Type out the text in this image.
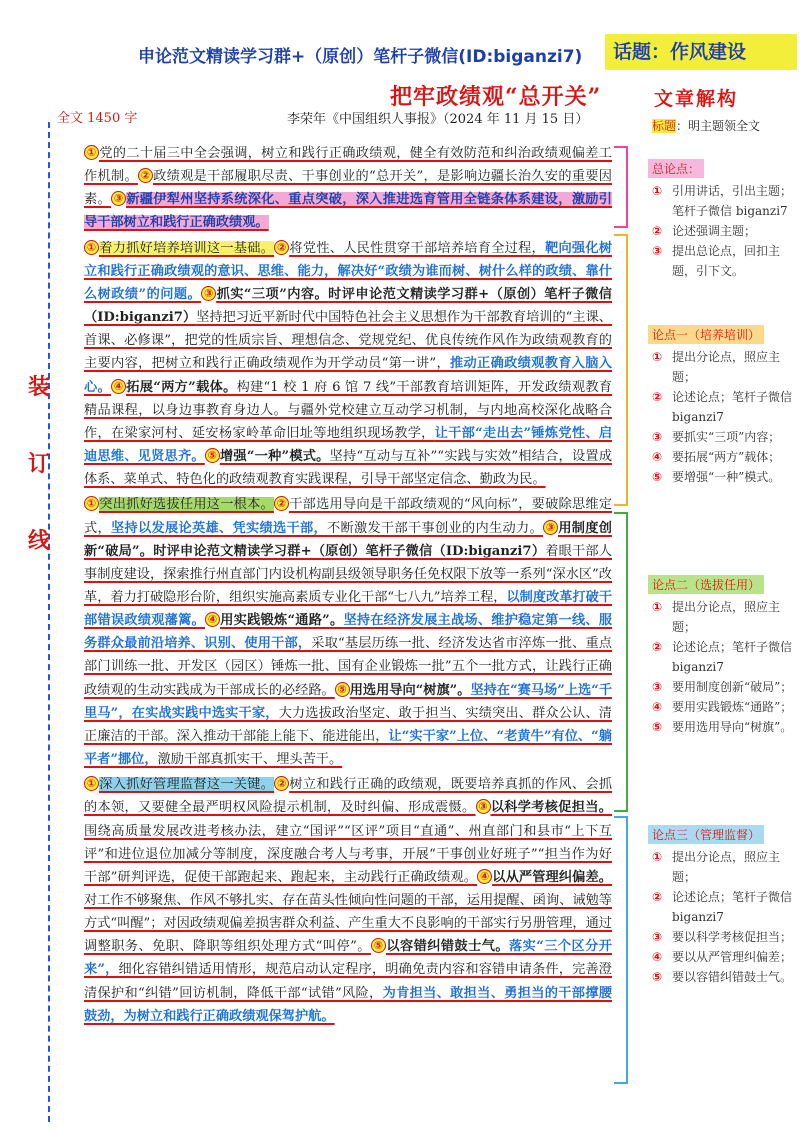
申论范文精读学习群+（原创）笔杆子微信(ID:biganzi7)	话题：作风建设
把牢政绩观“总开关”
全文 1450 字	李荣年《中国组织人事报》（2024 年 11 月 15 日）
装
订
线

① 党的二十届三中全会强调，树立和践行正确政绩观，健全有效防范和纠治政绩观偏差工作机制。 ② 政绩观是干部履职尽责、干事创业的“总开关”，是影响边疆长治久安的重要因素。 ③ 新疆伊犁州坚持系统深化、重点突破，深入推进选育管用全链条体系建设，激励引导干部树立和践行正确政绩观。

① 着力抓好培养培训这一基础。 ② 将党性、人民性贯穿干部培养培育全过程，靶向强化树立和践行正确政绩观的意识、思维、能力，解决好“政绩为谁而树、树什么样的政绩、靠什么树政绩”的问题。 ③ 抓实“三项”内容。时评申论范文精读学习群+（原创）笔杆子微信（ID:biganzi7）坚持把习近平新时代中国特色社会主义思想作为干部教育培训的“主课、首课、必修课”，把党的性质宗旨、理想信念、党规党纪、优良传统作风作为政绩观教育的主要内容，把树立和践行正确政绩观作为开学动员“第一讲”，推动正确政绩观教育入脑入心。 ④ 拓展“两方”载体。构建“1 校 1 府 6 馆 7 线”干部教育培训矩阵，开发政绩观教育精品课程，以身边事教育身边人。与疆外党校建立互动学习机制，与内地高校深化战略合作，在梁家河村、延安杨家岭革命旧址等地组织现场教学，让干部“走出去”锤炼党性、启迪思维、见贤思齐。 ⑤ 增强“一种”模式。坚持“互动与互补”“实践与实效”相结合，设置成体系、菜单式、特色化的政绩观教育实践课程，引导干部坚定信念、勤政为民。

① 突出抓好选拔任用这一根本。 ② 干部选用导向是干部政绩观的“风向标”，要破除思维定式，坚持以发展论英雄、凭实绩选干部，不断激发干部干事创业的内生动力。 ③ 用制度创新“破局”。时评申论范文精读学习群+（原创）笔杆子微信（ID:biganzi7）着眼干部人事制度建设，探索推行州直部门内设机构副县级领导职务任免权限下放等一系列“深水区”改革，着力打破隐形台阶，组织实施高素质专业化干部“七八九”培养工程，以制度改革打破干部错误政绩观藩篱。 ④ 用实践锻炼“通路”。坚持在经济发展主战场、维护稳定第一线、服务群众最前沿培养、识别、使用干部，采取“基层历练一批、经济发达省市淬炼一批、重点部门训练一批、开发区（园区）锤炼一批、国有企业锻炼一批”五个一批方式，让践行正确政绩观的生动实践成为干部成长的必经路。 ⑤ 用选用导向“树旗”。坚持在“赛马场”上选“千里马”，在实战实践中选实干家，大力选拔政治坚定、敢于担当、实绩突出、群众公认、清正廉洁的干部。深入推动干部能上能下、能进能出，让“实干家”上位、“老黄牛”有位、“躺平者”挪位，激励干部真抓实干、埋头苦干。

① 深入抓好管理监督这一关键。 ② 树立和践行正确的政绩观，既要培养真抓的作风、会抓的本领，又要健全最严明权风险提示机制，及时纠偏、形成震慑。 ③ 以科学考核促担当。围绕高质量发展改进考核办法，建立“国评”“区评”项目“直通”、州直部门和县市“上下互评”和进位退位加减分等制度，深度融合考人与考事，开展“干事创业好班子”“担当作为好干部”研判评选，促使干部跑起来、跑起来，主动践行正确政绩观。 ④ 以从严管理纠偏差。对工作不够聚焦、作风不够扎实、存在苗头性倾向性问题的干部，运用提醒、函询、诫勉等方式“叫醒”；对因政绩观偏差损害群众利益、产生重大不良影响的干部实行另册管理，通过调整职务、免职、降职等组织处理方式“叫停”。 ⑤ 以容错纠错鼓士气。落实“三个区分开来”，细化容错纠错适用情形，规范启动认定程序，明确免责内容和容错申请条件，完善澄清保护和“纠错”回访机制，降低干部“试错”风险，为肯担当、敢担当、勇担当的干部撑腰鼓劲，为树立和践行正确政绩观保驾护航。

文章解构
标题：明主题领全文
总论点：
① 引用讲话，引出主题；笔杆子微信 biganzi7
② 论述强调主题；
③ 提出总论点，回扣主题，引下文。
论点一（培养培训）
① 提出分论点，照应主题；
② 论述论点；笔杆子微信 biganzi7
③ 要抓实“三项”内容；
④ 要拓展“两方”载体；
⑤ 要增强“一种”模式。
论点二（选拔任用）
① 提出分论点，照应主题；
② 论述论点；笔杆子微信 biganzi7
③ 要用制度创新“破局”；
④ 要用实践锻炼“通路”；
⑤ 要用选用导向“树旗”。
论点三（管理监督）
① 提出分论点，照应主题；
② 论述论点；笔杆子微信 biganzi7
③ 要以科学考核促担当；
④ 要以从严管理纠偏差；
⑤ 要以容错纠错鼓士气。
